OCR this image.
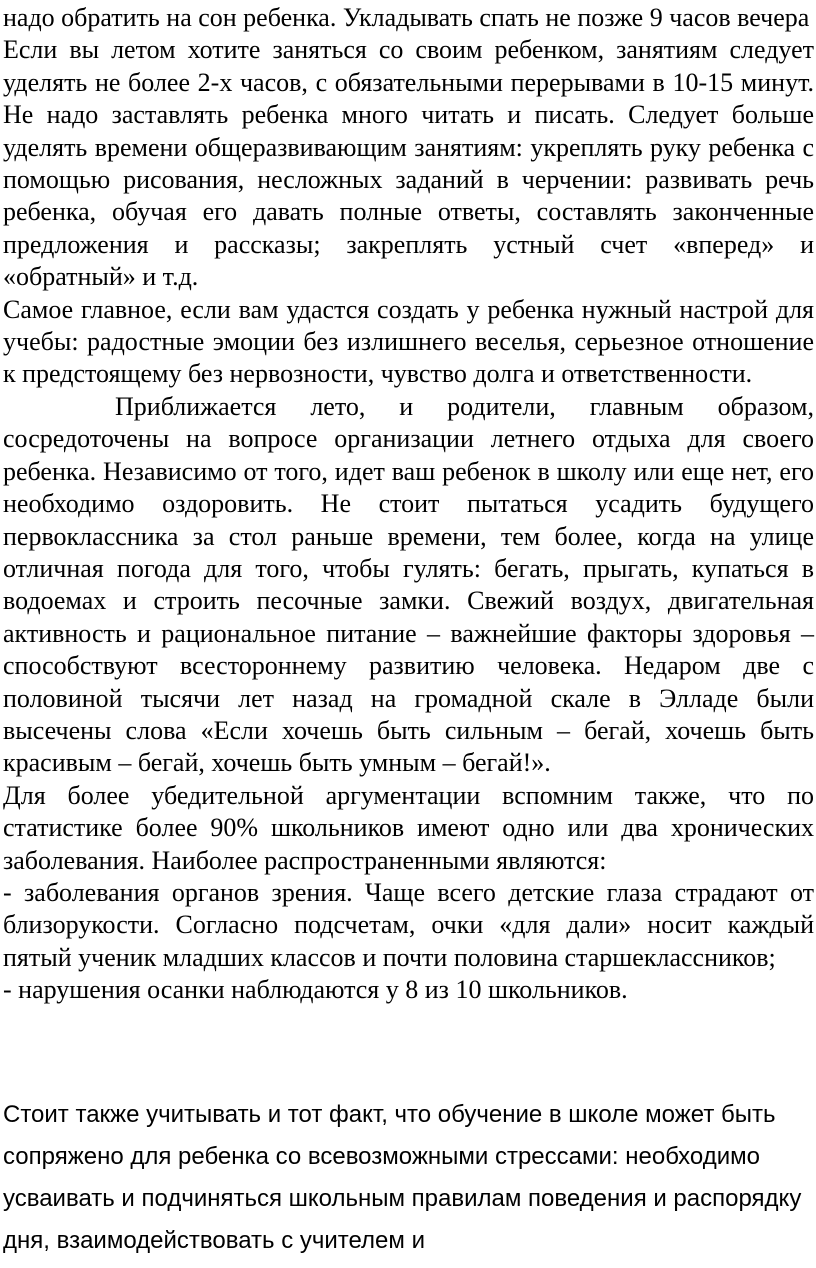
надо обратить на сон ребенка. Укладывать спать не позже 9 часов вечера

Если вы летом хотите заняться со своим ребенком, занятиям следует уделять не более 2-х часов, с обязательными перерывами в 10-15 минут. Не надо заставлять ребенка много читать и писать. Следует больше уделять времени общеразвивающим занятиям: укреплять руку ребенка с помощью рисования, несложных заданий в черчении: развивать речь ребенка, обучая его давать полные ответы, составлять законченные предложения и рассказы; закреплять устный счет «вперед» и «обратный» и т.д.

Самое главное, если вам удастся создать у ребенка нужный настрой для учебы: радостные эмоции без излишнего веселья, серьезное отношение к предстоящему без нервозности, чувство долга и ответственности.

Приближается лето, и родители, главным образом, сосредоточены на вопросе организации летнего отдыха для своего ребенка. Независимо от того, идет ваш ребенок в школу или еще нет, его необходимо оздоровить. Не стоит пытаться усадить будущего первоклассника за стол раньше времени, тем более, когда на улице отличная погода для того, чтобы гулять: бегать, прыгать, купаться в водоемах и строить песочные замки. Свежий воздух, двигательная активность и рациональное питание – важнейшие факторы здоровья – способствуют всестороннему развитию человека. Недаром две с половиной тысячи лет назад на громадной скале в Элладе были высечены слова «Если хочешь быть сильным – бегай, хочешь быть красивым – бегай, хочешь быть умным – бегай!».

Для более убедительной аргументации вспомним также, что по статистике более 90% школьников имеют одно или два хронических заболевания. Наиболее распространенными являются:

- заболевания органов зрения. Чаще всего детские глаза страдают от близорукости. Согласно подсчетам, очки «для дали» носит каждый пятый ученик младших классов и почти половина старшеклассников;

- нарушения осанки наблюдаются у 8 из 10 школьников.

Стоит также учитывать и тот факт, что обучение в школе может быть сопряжено для ребенка со всевозможными стрессами: необходимо усваивать и подчиняться школьным правилам поведения и распорядку дня, взаимодействовать с учителем и
